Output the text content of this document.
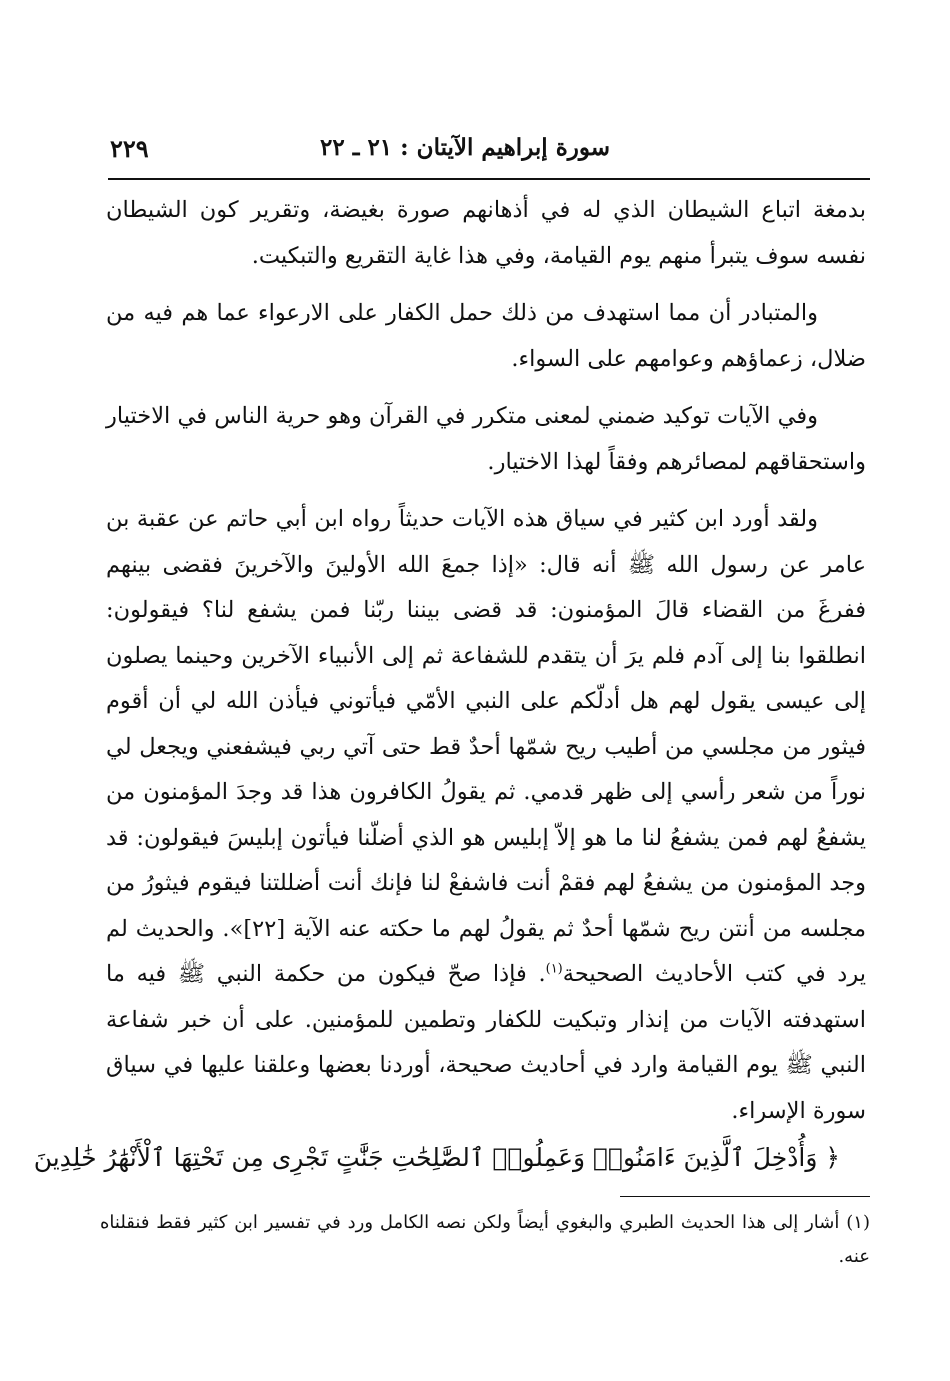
سورة إبراهيم الآيتان : ٢١ ـ ٢٢
٢٢٩

بدمغة اتباع الشيطان الذي له في أذهانهم صورة بغيضة، وتقرير كون الشيطان نفسه سوف يتبرأ منهم يوم القيامة، وفي هذا غاية التقريع والتبكيت.

والمتبادر أن مما استهدف من ذلك حمل الكفار على الارعواء عما هم فيه من ضلال، زعماؤهم وعوامهم على السواء.

وفي الآيات توكيد ضمني لمعنى متكرر في القرآن وهو حرية الناس في الاختيار واستحقاقهم لمصائرهم وفقاً لهذا الاختيار.

ولقد أورد ابن كثير في سياق هذه الآيات حديثاً رواه ابن أبي حاتم عن عقبة بن عامر عن رسول الله ﷺ أنه قال: «إذا جمعَ الله الأولينَ والآخرينَ فقضى بينهم ففرغَ من القضاء قالَ المؤمنون: قد قضى بيننا ربّنا فمن يشفع لنا؟ فيقولون: انطلقوا بنا إلى آدم فلم يرَ أن يتقدم للشفاعة ثم إلى الأنبياء الآخرين وحينما يصلون إلى عيسى يقول لهم هل أدلّكم على النبي الأمّي فيأتوني فيأذن الله لي أن أقوم فيثور من مجلسي من أطيب ريح شمّها أحدٌ قط حتى آتي ربي فيشفعني ويجعل لي نوراً من شعر رأسي إلى ظهر قدمي. ثم يقولُ الكافرون هذا قد وجدَ المؤمنون من يشفعُ لهم فمن يشفعُ لنا ما هو إلاّ إبليس هو الذي أضلّنا فيأتون إبليسَ فيقولون: قد وجد المؤمنون من يشفعُ لهم فقمْ أنت فاشفعْ لنا فإنك أنت أضللتنا فيقوم فيثورُ من مجلسه من أنتن ريح شمّها أحدٌ ثم يقولُ لهم ما حكته عنه الآية [٢٢]». والحديث لم يرد في كتب الأحاديث الصحيحة$^{(١)}$. فإذا صحّ فيكون من حكمة النبي ﷺ فيه ما استهدفته الآيات من إنذار وتبكيت للكفار وتطمين للمؤمنين. على أن خبر شفاعة النبي ﷺ يوم القيامة وارد في أحاديث صحيحة، أوردنا بعضها وعلقنا عليها في سياق سورة الإسراء.

﴿ وَأُدْخِلَ ٱلَّذِينَ ءَامَنُوا۟ وَعَمِلُوا۟ ٱلصَّٰلِحَٰتِ جَنَّٰتٍ تَجْرِى مِن تَحْتِهَا ٱلْأَنْهَٰرُ خَٰلِدِينَ
(١) أشار إلى هذا الحديث الطبري والبغوي أيضاً ولكن نصه الكامل ورد في تفسير ابن كثير فقط فنقلناه عنه.
